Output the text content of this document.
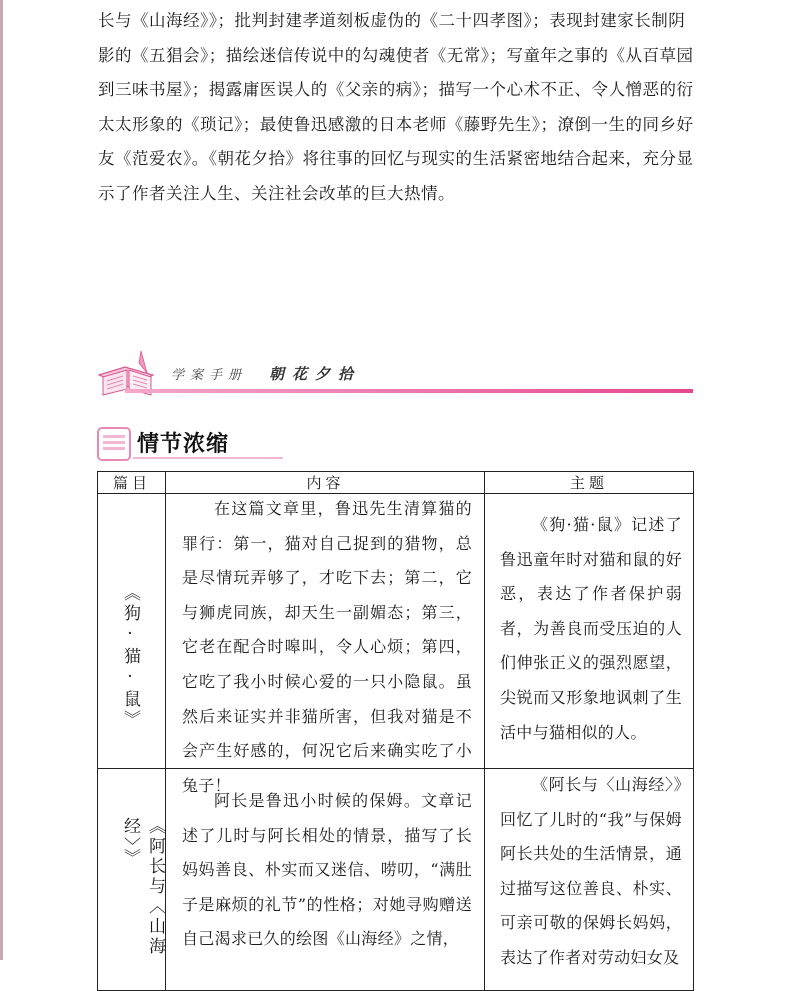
长与《山海经》》；批判封建孝道刻板虚伪的《二十四孝图》；表现封建家长制阴

影的《五猖会》；描绘迷信传说中的勾魂使者《无常》；写童年之事的《从百草园

到三味书屋》；揭露庸医误人的《父亲的病》；描写一个心术不正、令人憎恶的衍

太太形象的《琐记》；最使鲁迅感激的日本老师《藤野先生》；潦倒一生的同乡好

友《范爱农》。《朝花夕拾》将往事的回忆与现实的生活紧密地结合起来，充分显

示了作者关注人生、关注社会改革的巨大热情。

学案手册 朝花夕拾
情节浓缩
篇目	内容	主题
《狗·猫·鼠》

在这篇文章里，鲁迅先生清算猫的罪行：第一，猫对自己捉到的猎物，总是尽情玩弄够了，才吃下去；第二，它与狮虎同族，却天生一副媚态；第三，它老在配合时嗥叫，令人心烦；第四，它吃了我小时候心爱的一只小隐鼠。虽然后来证实并非猫所害，但我对猫是不会产生好感的，何况它后来确实吃了小兔子！

《狗·猫·鼠》记述了鲁迅童年时对猫和鼠的好恶，表达了作者保护弱者，为善良而受压迫的人们伸张正义的强烈愿望，尖锐而又形象地讽刺了生活中与猫相似的人。

《阿长与〈山海经〉》

阿长是鲁迅小时候的保姆。文章记述了儿时与阿长相处的情景，描写了长妈妈善良、朴实而又迷信、唠叨，“满肚子是麻烦的礼节”的性格；对她寻购赠送自己渴求已久的绘图《山海经》之情，

《阿长与〈山海经〉》回忆了儿时的“我”与保姆阿长共处的生活情景，通过描写这位善良、朴实、可亲可敬的保姆长妈妈，表达了作者对劳动妇女及
